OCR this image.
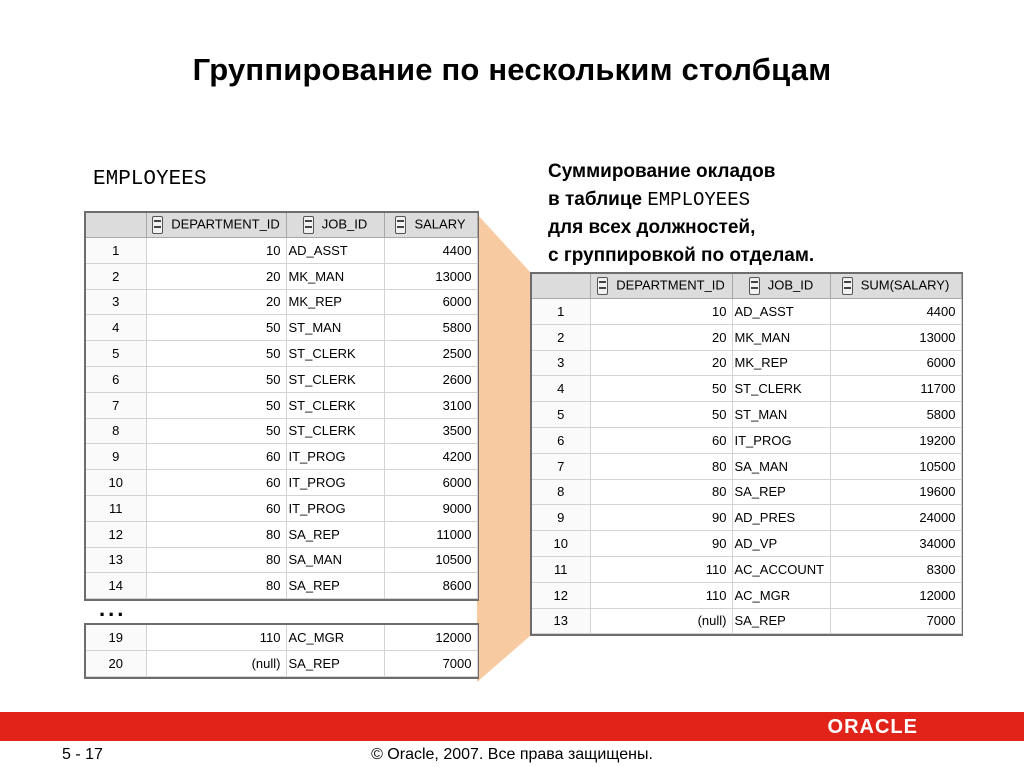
Группирование по нескольким столбцам
EMPLOYEES	Суммирование окладов
в таблице EMPLOYEES
для всех должностей,
с группировкой по отделам.
	DEPARTMENT_ID	JOB_ID	SALARY
1	10	AD_ASST	4400
2	20	MK_MAN	13000
3	20	MK_REP	6000
4	50	ST_MAN	5800
5	50	ST_CLERK	2500
6	50	ST_CLERK	2600
7	50	ST_CLERK	3100
8	50	ST_CLERK	3500
9	60	IT_PROG	4200
10	60	IT_PROG	6000
11	60	IT_PROG	9000
12	80	SA_REP	11000
13	80	SA_MAN	10500
14	80	SA_REP	8600
...
19	110	AC_MGR	12000
20	(null)	SA_REP	7000
	DEPARTMENT_ID	JOB_ID	SUM(SALARY)
1	10	AD_ASST	4400
2	20	MK_MAN	13000
3	20	MK_REP	6000
4	50	ST_CLERK	11700
5	50	ST_MAN	5800
6	60	IT_PROG	19200
7	80	SA_MAN	10500
8	80	SA_REP	19600
9	90	AD_PRES	24000
10	90	AD_VP	34000
11	110	AC_ACCOUNT	8300
12	110	AC_MGR	12000
13	(null)	SA_REP	7000
ORACLE
5 - 17	© Oracle, 2007. Все права защищены.
